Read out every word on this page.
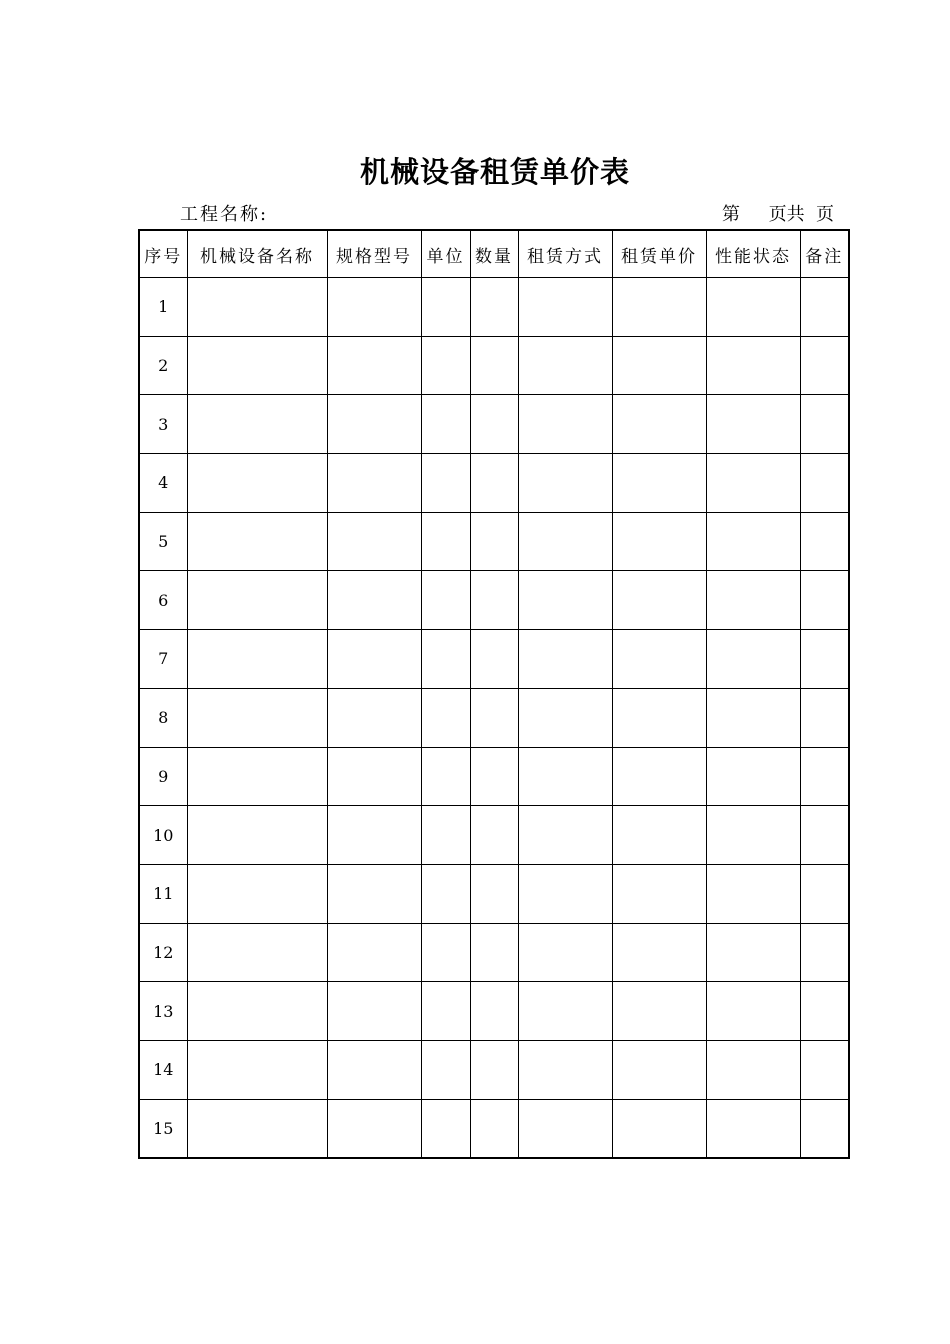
机械设备租赁单价表
工程名称:	第     页共  页
序号	机械设备名称	规格型号	单位	数量	租赁方式	租赁单价	性能状态	备注
1								
2								
3								
4								
5								
6								
7								
8								
9								
10								
11								
12								
13								
14								
15								
